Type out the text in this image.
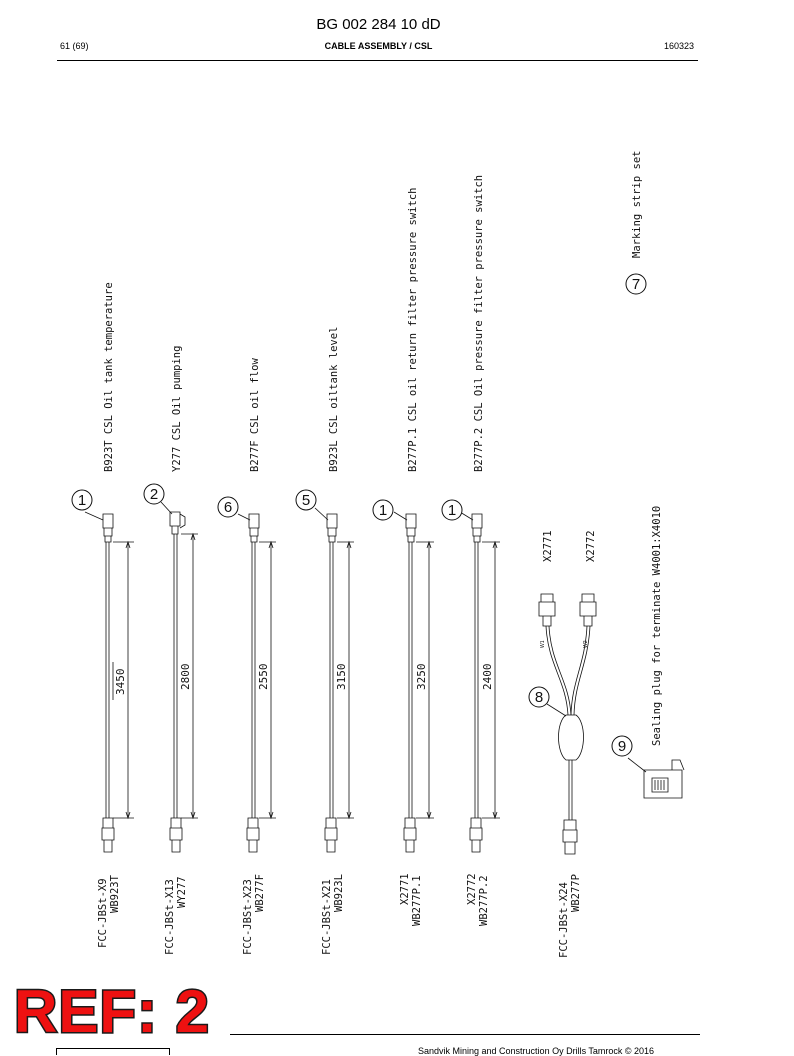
BG 002 284 10 dD
61 (69)	CABLE ASSEMBLY / CSL	160323
1	2
6	5
1	1
8
7
9
B923T CSL Oil tank temperature	Y277 CSL Oil pumping	B277F CSL oil flow	B923L CSL oiltank level	B277P.1 CSL oil return filter pressure switch	B277P.2 CSL Oil pressure filter pressure switch	Marking strip set
Sealing plug for terminate W4001:X4010
X2771	X2772
W1	W2
3450	2800	2550	3150	3250	2400
FCC-JBSt-X9 WB923T	FCC-JBSt-X13 WY277	FCC-JBSt-X23 WB277F	FCC-JBSt-X21 WB923L	X2771 WB277P.1	X2772 WB277P.2	FCC-JBSt-X24 WB277P
Sandvik Mining and Construction Oy Drills Tamrock © 2016
REF: 2
